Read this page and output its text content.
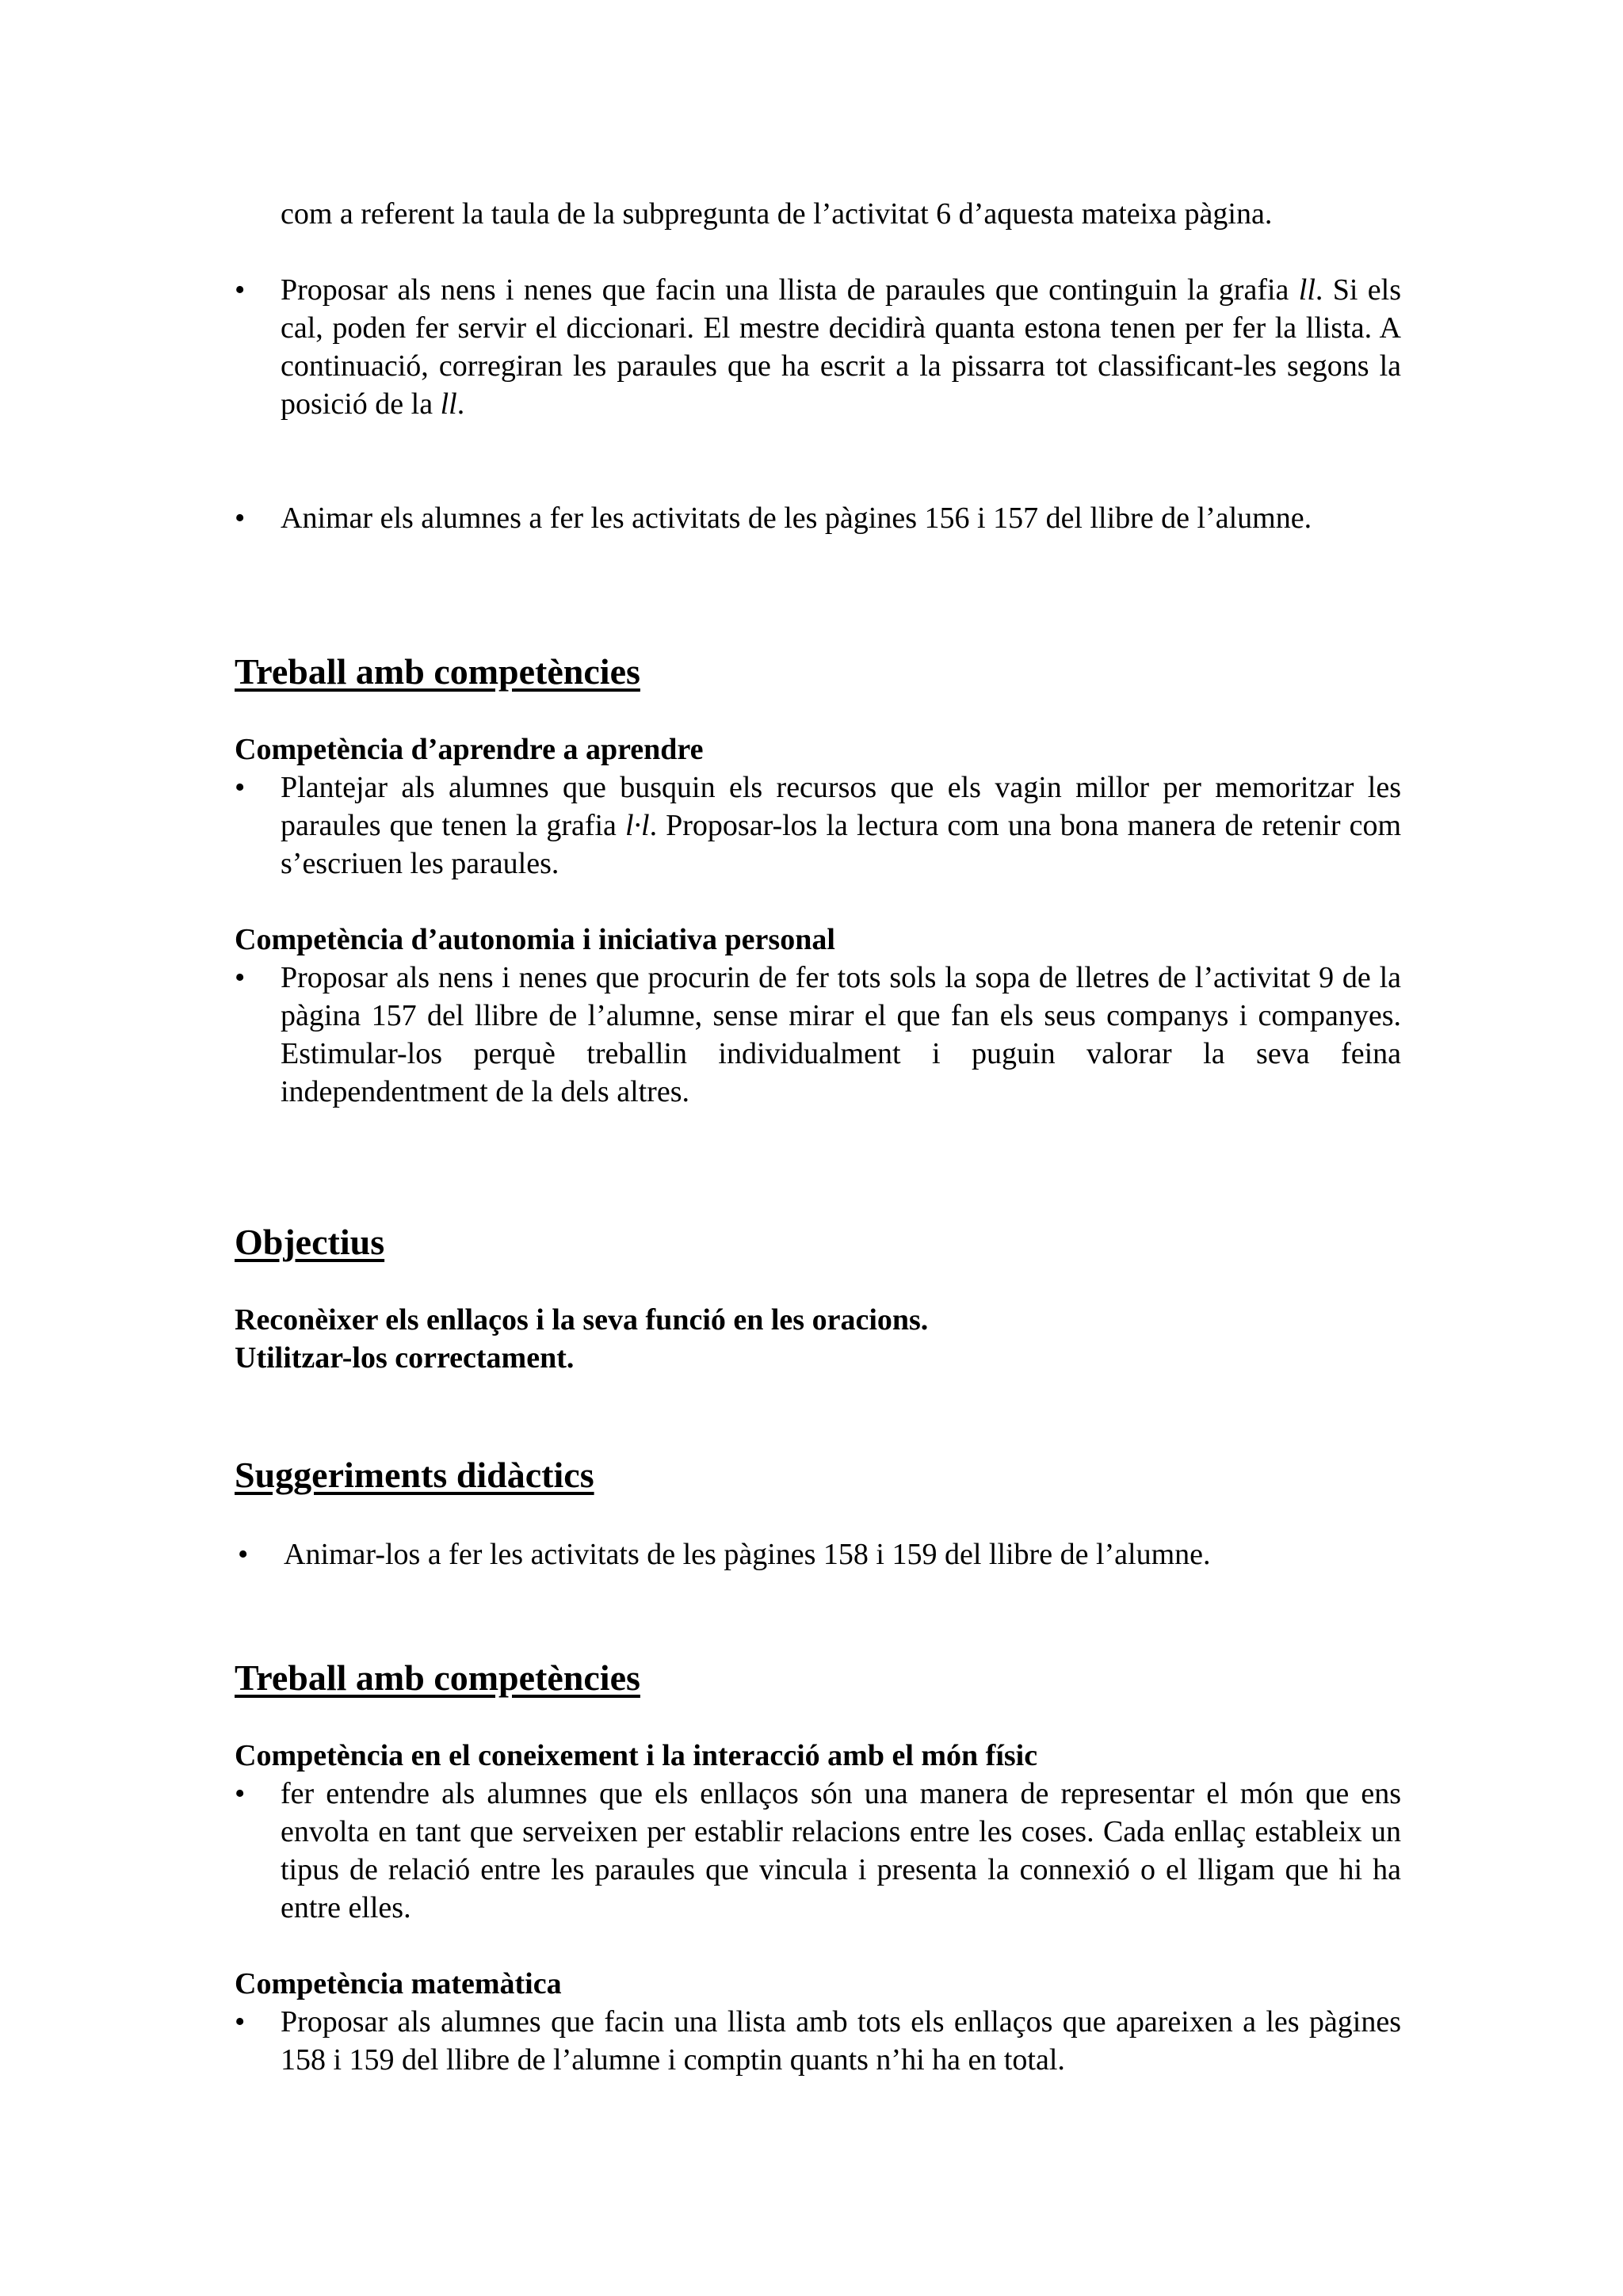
com a referent la taula de la subpregunta de l’activitat 6 d’aquesta mateixa pàgina.
•	Proposar als nens i nenes que facin una llista de paraules que continguin la grafia ll. Si els cal, poden fer servir el diccionari. El mestre decidirà quanta estona tenen per fer la llista. A continuació, corregiran les paraules que ha escrit a la pissarra tot classificant-les segons la posició de la ll.
•	Animar els alumnes a fer les activitats de les pàgines 156 i 157 del llibre de l’alumne.
Treball amb competències
Competència d’aprendre a aprendre
•	Plantejar als alumnes que busquin els recursos que els vagin millor per memoritzar les paraules que tenen la grafia l·l. Proposar-los la lectura com una bona manera de retenir com s’escriuen les paraules.
Competència d’autonomia i iniciativa personal
•	Proposar als nens i nenes que procurin de fer tots sols la sopa de lletres de l’activitat 9 de la pàgina 157 del llibre de l’alumne, sense mirar el que fan els seus companys i companyes. Estimular-los perquè treballin individualment i puguin valorar la seva feina independentment de la dels altres.
Objectius
Reconèixer els enllaços i la seva funció en les oracions.
Utilitzar-los correctament.
Suggeriments didàctics
•	Animar-los a fer les activitats de les pàgines 158 i 159 del llibre de l’alumne.
Treball amb competències
Competència en el coneixement i la interacció amb el món físic
•	fer entendre als alumnes que els enllaços són una manera de representar el món que ens envolta en tant que serveixen per establir relacions entre les coses. Cada enllaç estableix un tipus de relació entre les paraules que vincula i presenta la connexió o el lligam que hi ha entre elles.
Competència matemàtica
•	Proposar als alumnes que facin una llista amb tots els enllaços que apareixen a les pàgines 158 i 159 del llibre de l’alumne i comptin quants n’hi ha en total.
